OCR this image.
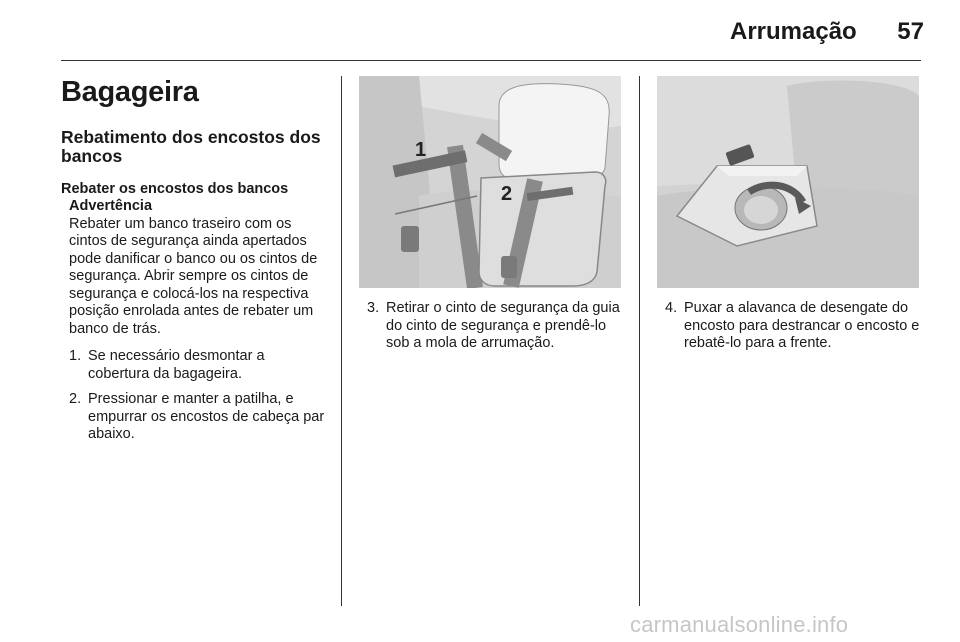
Arrumação	57
Bagageira
Rebatimento dos encostos dos bancos
Rebater os encostos dos bancos
Advertência
Rebater um banco traseiro com os cintos de segurança ainda apertados pode danificar o banco ou os cintos de segurança. Abrir sempre os cintos de segurança e colocá-los na respectiva posição enrolada antes de rebater um banco de trás.
1. Se necessário desmontar a cobertura da bagageira.
2. Pressionar e manter a patilha, e empurrar os encostos de cabeça par abaixo.
1
2
3. Retirar o cinto de segurança da guia do cinto de segurança e prendê-lo sob a mola de arrumação.
4. Puxar a alavanca de desengate do encosto para destrancar o encosto e rebatê-lo para a frente.
carmanualsonline.info
